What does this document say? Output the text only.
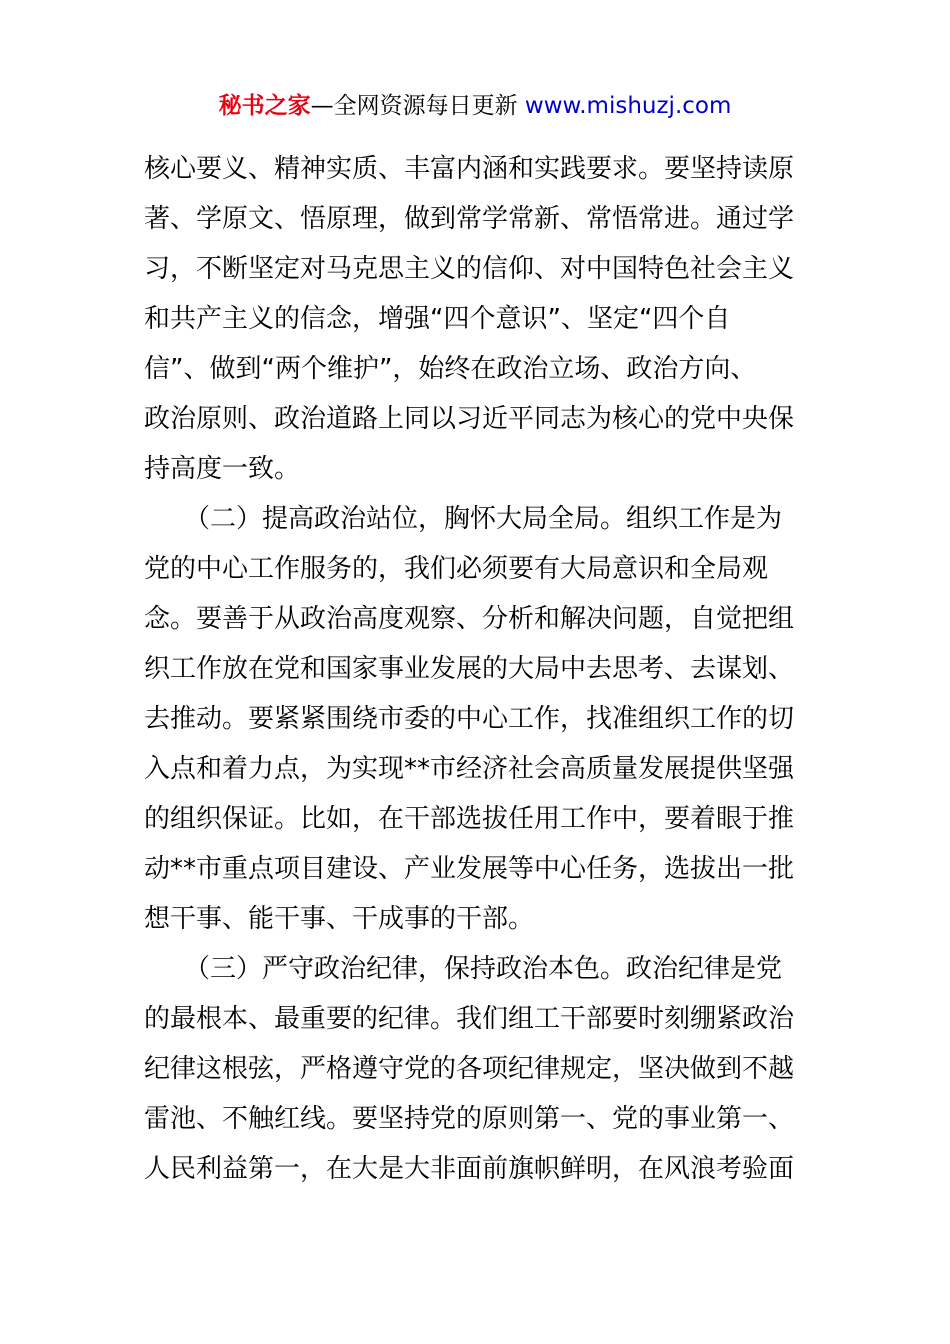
秘书之家—全网资源每日更新 www.mishuzj.com
核心要义、精神实质、丰富内涵和实践要求。要坚持读原
著、学原文、悟原理，做到常学常新、常悟常进。通过学
习，不断坚定对马克思主义的信仰、对中国特色社会主义
和共产主义的信念，增强“四个意识”、坚定“四个自
信”、做到“两个维护”，始终在政治立场、政治方向、
政治原则、政治道路上同以习近平同志为核心的党中央保
持高度一致。
（二）提高政治站位，胸怀大局全局。组织工作是为
党的中心工作服务的，我们必须要有大局意识和全局观
念。要善于从政治高度观察、分析和解决问题，自觉把组
织工作放在党和国家事业发展的大局中去思考、去谋划、
去推动。要紧紧围绕市委的中心工作，找准组织工作的切
入点和着力点，为实现**市经济社会高质量发展提供坚强
的组织保证。比如，在干部选拔任用工作中，要着眼于推
动**市重点项目建设、产业发展等中心任务，选拔出一批
想干事、能干事、干成事的干部。
（三）严守政治纪律，保持政治本色。政治纪律是党
的最根本、最重要的纪律。我们组工干部要时刻绷紧政治
纪律这根弦，严格遵守党的各项纪律规定，坚决做到不越
雷池、不触红线。要坚持党的原则第一、党的事业第一、
人民利益第一，在大是大非面前旗帜鲜明，在风浪考验面
